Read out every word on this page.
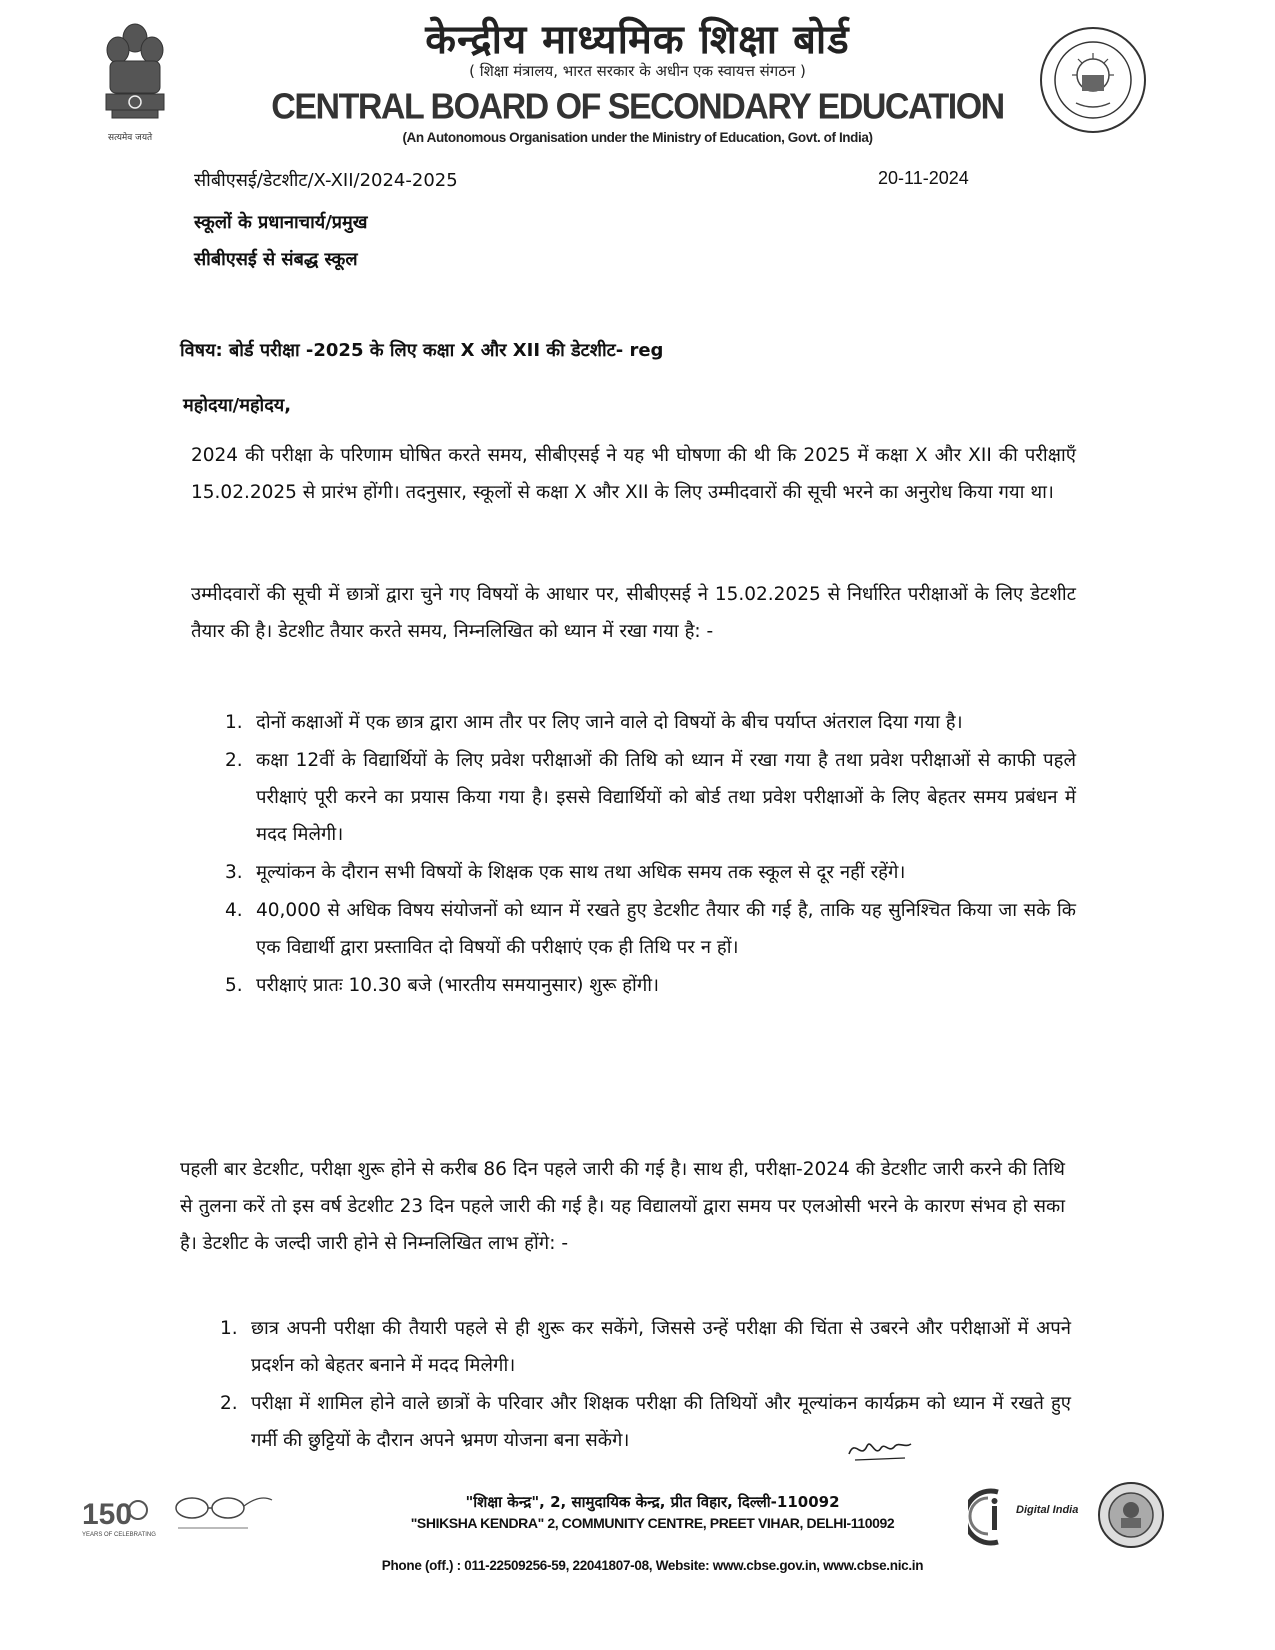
सत्यमेव जयते
केन्द्रीय माध्यमिक शिक्षा बोर्ड
( शिक्षा मंत्रालय, भारत सरकार के अधीन एक स्वायत्त संगठन )
CENTRAL BOARD OF SECONDARY EDUCATION
(An Autonomous Organisation under the Ministry of Education, Govt. of India)
सीबीएसई/डेटशीट/X-XII/2024-2025	20-11-2024
स्कूलों के प्रधानाचार्य/प्रमुख
सीबीएसई से संबद्ध स्कूल
विषय: बोर्ड परीक्षा -2025 के लिए कक्षा X और XII की डेटशीट- reg
महोदया/महोदय,
2024 की परीक्षा के परिणाम घोषित करते समय, सीबीएसई ने यह भी घोषणा की थी कि 2025 में कक्षा X और XII की परीक्षाएँ 15.02.2025 से प्रारंभ होंगी। तदनुसार, स्कूलों से कक्षा X और XII के लिए उम्मीदवारों की सूची भरने का अनुरोध किया गया था।
उम्मीदवारों की सूची में छात्रों द्वारा चुने गए विषयों के आधार पर, सीबीएसई ने 15.02.2025 से निर्धारित परीक्षाओं के लिए डेटशीट तैयार की है। डेटशीट तैयार करते समय, निम्नलिखित को ध्यान में रखा गया है: -
1. दोनों कक्षाओं में एक छात्र द्वारा आम तौर पर लिए जाने वाले दो विषयों के बीच पर्याप्त अंतराल दिया गया है।
2. कक्षा 12वीं के विद्यार्थियों के लिए प्रवेश परीक्षाओं की तिथि को ध्यान में रखा गया है तथा प्रवेश परीक्षाओं से काफी पहले परीक्षाएं पूरी करने का प्रयास किया गया है। इससे विद्यार्थियों को बोर्ड तथा प्रवेश परीक्षाओं के लिए बेहतर समय प्रबंधन में मदद मिलेगी।
3. मूल्यांकन के दौरान सभी विषयों के शिक्षक एक साथ तथा अधिक समय तक स्कूल से दूर नहीं रहेंगे।
4. 40,000 से अधिक विषय संयोजनों को ध्यान में रखते हुए डेटशीट तैयार की गई है, ताकि यह सुनिश्चित किया जा सके कि एक विद्यार्थी द्वारा प्रस्तावित दो विषयों की परीक्षाएं एक ही तिथि पर न हों।
5. परीक्षाएं प्रातः 10.30 बजे (भारतीय समयानुसार) शुरू होंगी।
पहली बार डेटशीट, परीक्षा शुरू होने से करीब 86 दिन पहले जारी की गई है। साथ ही, परीक्षा-2024 की डेटशीट जारी करने की तिथि से तुलना करें तो इस वर्ष डेटशीट 23 दिन पहले जारी की गई है। यह विद्यालयों द्वारा समय पर एलओसी भरने के कारण संभव हो सका है। डेटशीट के जल्दी जारी होने से निम्नलिखित लाभ होंगे: -
1. छात्र अपनी परीक्षा की तैयारी पहले से ही शुरू कर सकेंगे, जिससे उन्हें परीक्षा की चिंता से उबरने और परीक्षाओं में अपने प्रदर्शन को बेहतर बनाने में मदद मिलेगी।
2. परीक्षा में शामिल होने वाले छात्रों के परिवार और शिक्षक परीक्षा की तिथियों और मूल्यांकन कार्यक्रम को ध्यान में रखते हुए गर्मी की छुट्टियों के दौरान अपने भ्रमण योजना बना सकेंगे।
150
YEARS OF CELEBRATING
"शिक्षा केन्द्र", 2, सामुदायिक केन्द्र, प्रीत विहार, दिल्ली-110092
"SHIKSHA KENDRA" 2, COMMUNITY CENTRE, PREET VIHAR, DELHI-110092
Phone (off.) : 011-22509256-59, 22041807-08, Website: www.cbse.gov.in, www.cbse.nic.in
Digital India
